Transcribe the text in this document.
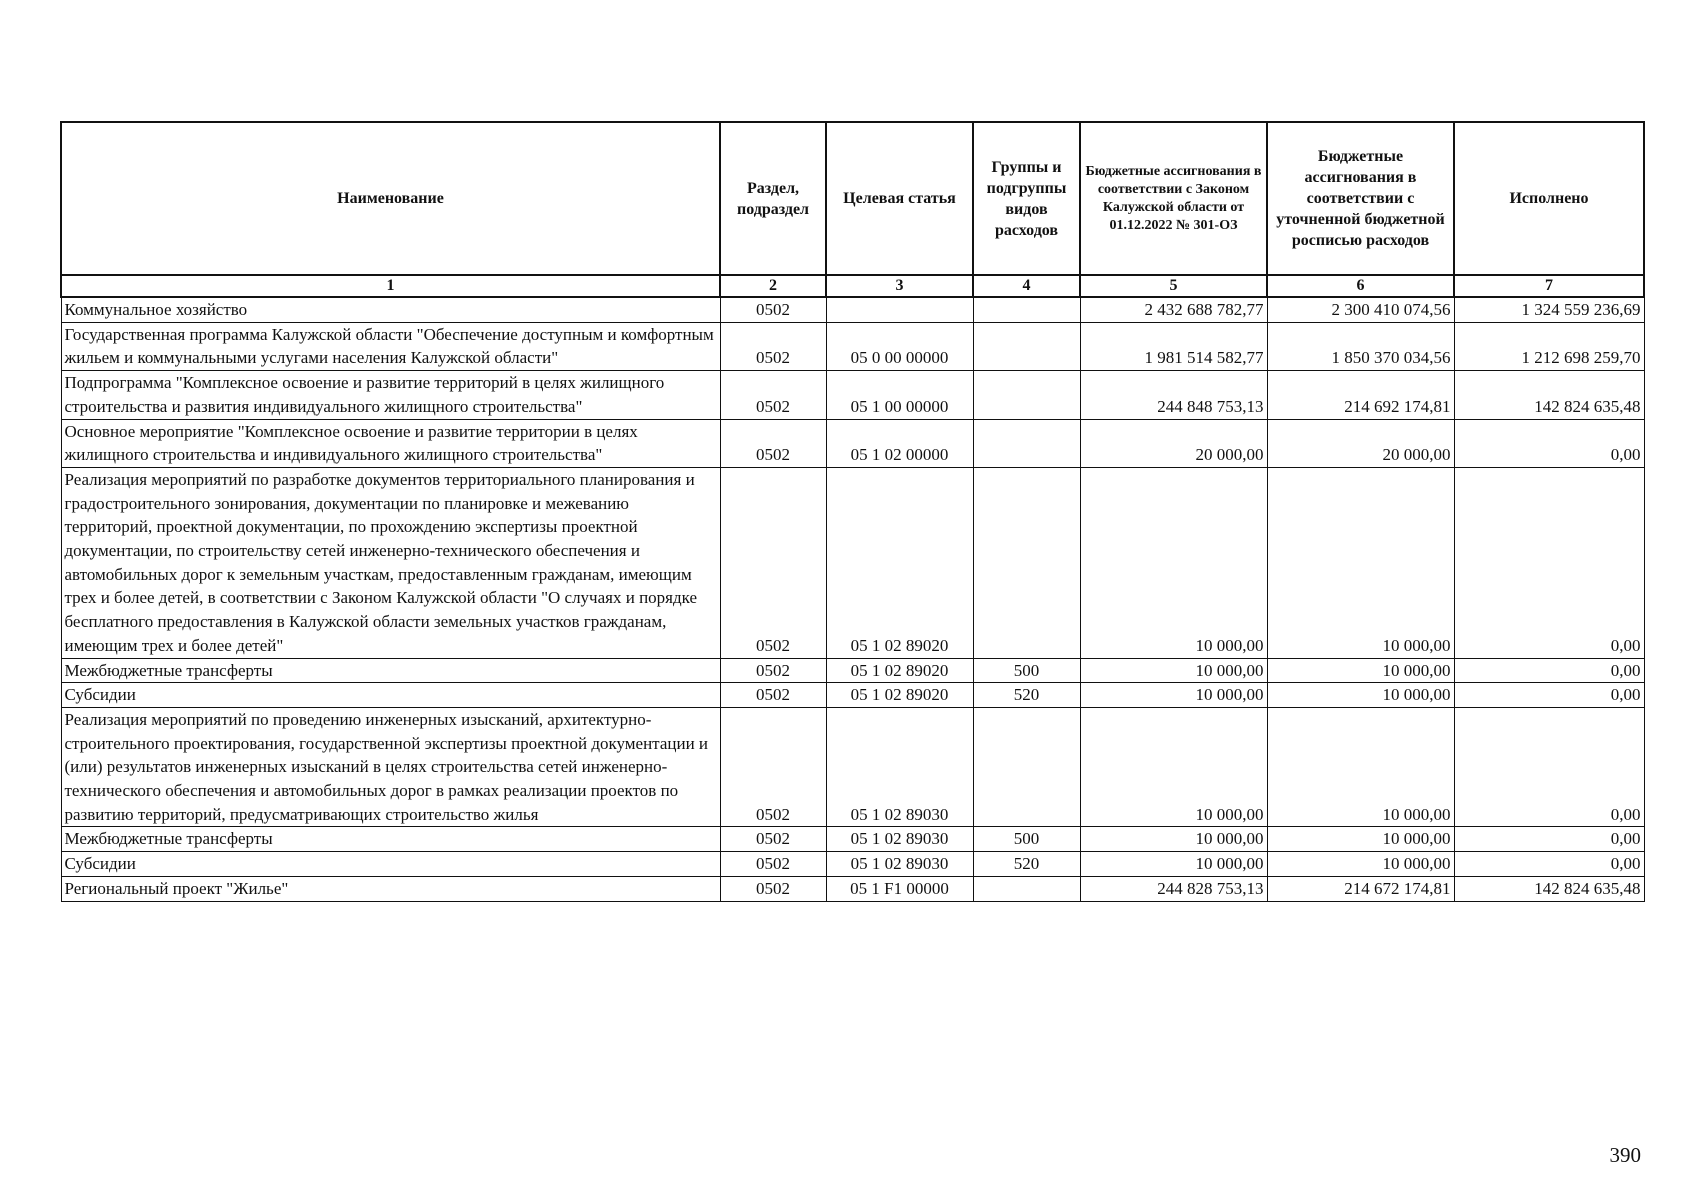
Наименование	Раздел, подраздел	Целевая статья	Группы и подгруппы видов расходов	Бюджетные ассигнования в соответствии с Законом Калужской области от 01.12.2022 № 301-ОЗ	Бюджетные ассигнования в соответствии с уточненной бюджетной росписью расходов	Исполнено
1	2	3	4	5	6	7
Коммунальное хозяйство	0502			2 432 688 782,77	2 300 410 074,56	1 324 559 236,69
Государственная программа Калужской области "Обеспечение доступным и комфортным жильем и коммунальными услугами населения Калужской области"	0502	05 0 00 00000		1 981 514 582,77	1 850 370 034,56	1 212 698 259,70
Подпрограмма "Комплексное освоение и развитие территорий в целях жилищного строительства и развития индивидуального жилищного строительства"	0502	05 1 00 00000		244 848 753,13	214 692 174,81	142 824 635,48
Основное мероприятие "Комплексное освоение и развитие территории в целях жилищного строительства и индивидуального жилищного строительства"	0502	05 1 02 00000		20 000,00	20 000,00	0,00
Реализация мероприятий по разработке документов территориального планирования и градостроительного зонирования, документации по планировке и межеванию территорий, проектной документации, по прохождению экспертизы проектной документации, по строительству сетей инженерно-технического обеспечения и автомобильных дорог к земельным участкам, предоставленным гражданам, имеющим трех и более детей, в соответствии с Законом Калужской области "О случаях и порядке бесплатного предоставления в Калужской области земельных участков гражданам, имеющим трех и более детей"	0502	05 1 02 89020		10 000,00	10 000,00	0,00
Межбюджетные трансферты	0502	05 1 02 89020	500	10 000,00	10 000,00	0,00
Субсидии	0502	05 1 02 89020	520	10 000,00	10 000,00	0,00
Реализация мероприятий по проведению инженерных изысканий, архитектурно-строительного проектирования, государственной экспертизы проектной документации и (или) результатов инженерных изысканий в целях строительства сетей инженерно-технического обеспечения и автомобильных дорог в рамках реализации проектов по развитию территорий, предусматривающих строительство жилья	0502	05 1 02 89030		10 000,00	10 000,00	0,00
Межбюджетные трансферты	0502	05 1 02 89030	500	10 000,00	10 000,00	0,00
Субсидии	0502	05 1 02 89030	520	10 000,00	10 000,00	0,00
Региональный проект "Жилье"	0502	05 1 F1 00000		244 828 753,13	214 672 174,81	142 824 635,48
390
